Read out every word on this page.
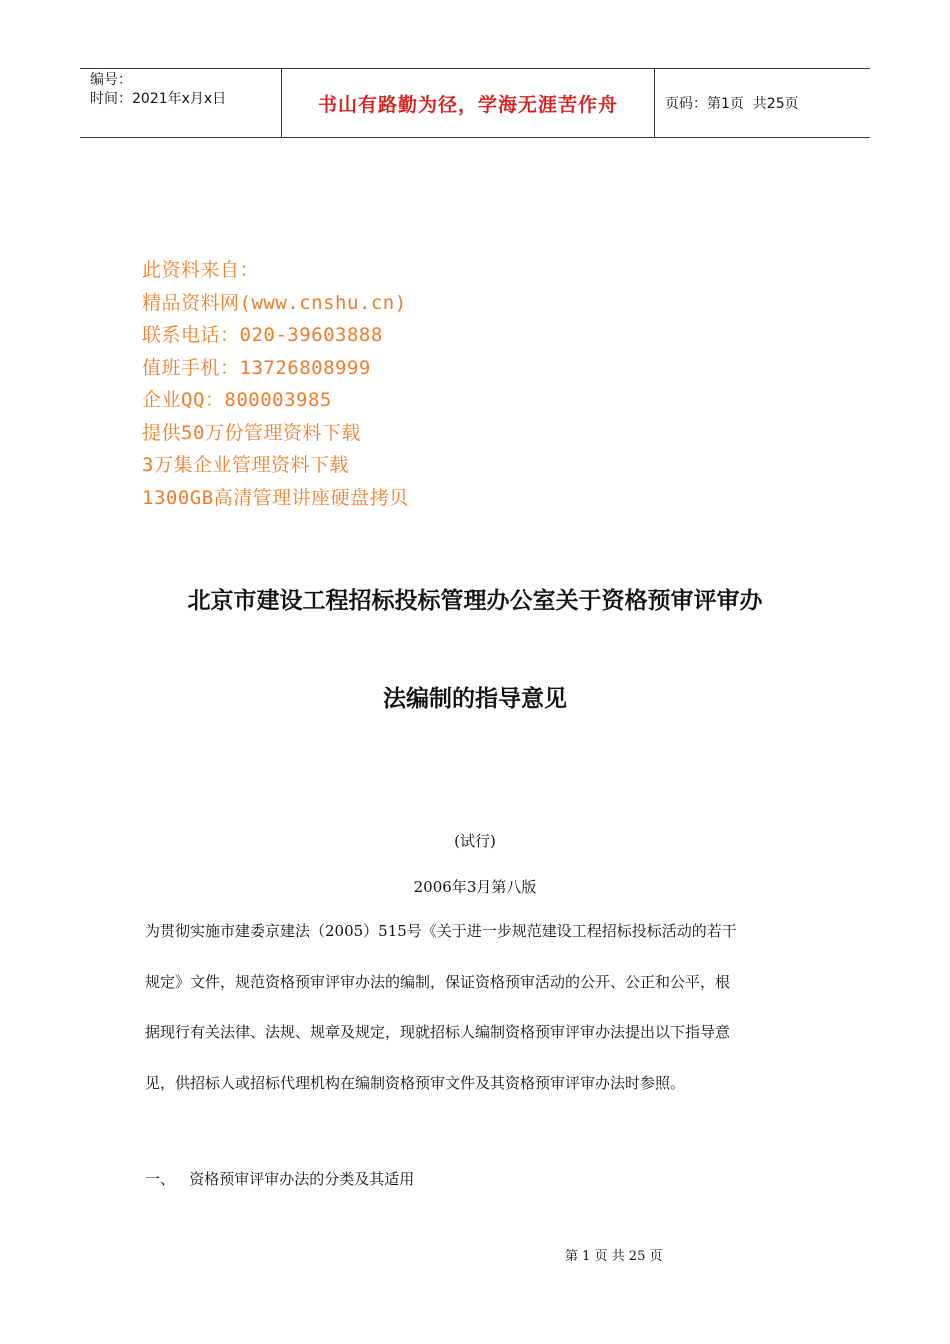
编号：
时间：2021年x月x日	书山有路勤为径，学海无涯苦作舟	页码：第1页  共25页
此资料来自：
精品资料网(www.cnshu.cn)
联系电话：020-39603888
值班手机：13726808999
企业QQ：800003985
提供50万份管理资料下载
3万集企业管理资料下载
1300GB高清管理讲座硬盘拷贝
北京市建设工程招标投标管理办公室关于资格预审评审办
法编制的指导意见
(试行)
2006年3月第八版
为贯彻实施市建委京建法（2005）515号《关于进一步规范建设工程招标投标活动的若干
规定》文件，规范资格预审评审办法的编制，保证资格预审活动的公开、公正和公平，根
据现行有关法律、法规、规章及规定，现就招标人编制资格预审评审办法提出以下指导意
见，供招标人或招标代理机构在编制资格预审文件及其资格预审评审办法时参照。
一、   资格预审评审办法的分类及其适用
第 1 页 共 25 页
